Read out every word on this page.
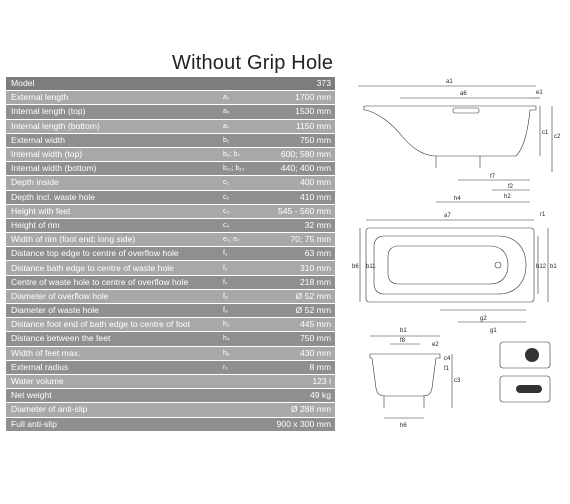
Without Grip Hole
Model		373
External length	a₁	1700 mm
Internal length (top)	a₆	1530 mm
Internal length (bottom)	a₇	1150 mm
External width	b₁	750 mm
Internal width (top)	b₆; b₇	600; 580 mm
Internal width (bottom)	b₁₁; b₁₂	440; 400 mm
Depth inside	c₁	400 mm
Depth incl. waste hole	c₂	410 mm
Height with feet	c₃	545 - 560 mm
Height of rim	c₄	32 mm
Width of rim (foot end; long side)	e₁; e₂	70; 75 mm
Distance top edge to centre of overflow hole	f₁	63 mm
Distance bath edge to centre of waste hole	f₂	310 mm
Centre of waste hole to centre of overflow hole	f₇	218 mm
Diameter of overflow hole	f₈	Ø 52 mm
Diameter of waste hole	f₉	Ø 52 mm
Distance foot end of bath edge to centre of foot	h₂	445 mm
Distance between the feet	h₄	750 mm
Width of feet max.	h₆	430 mm
External radius	r₁	8 mm
Water volume		123 l
Net weight		49 kg
Diameter of anti-slip		Ø 288 mm
Full anti-slip		900 x 300 mm
a1
a6	e1
c1
c2
h4	h2
f2
f7
r1
b6 b11	b1
b12
a7
g2
g1
f8
e2
c4
f1
c3
h6
b1
